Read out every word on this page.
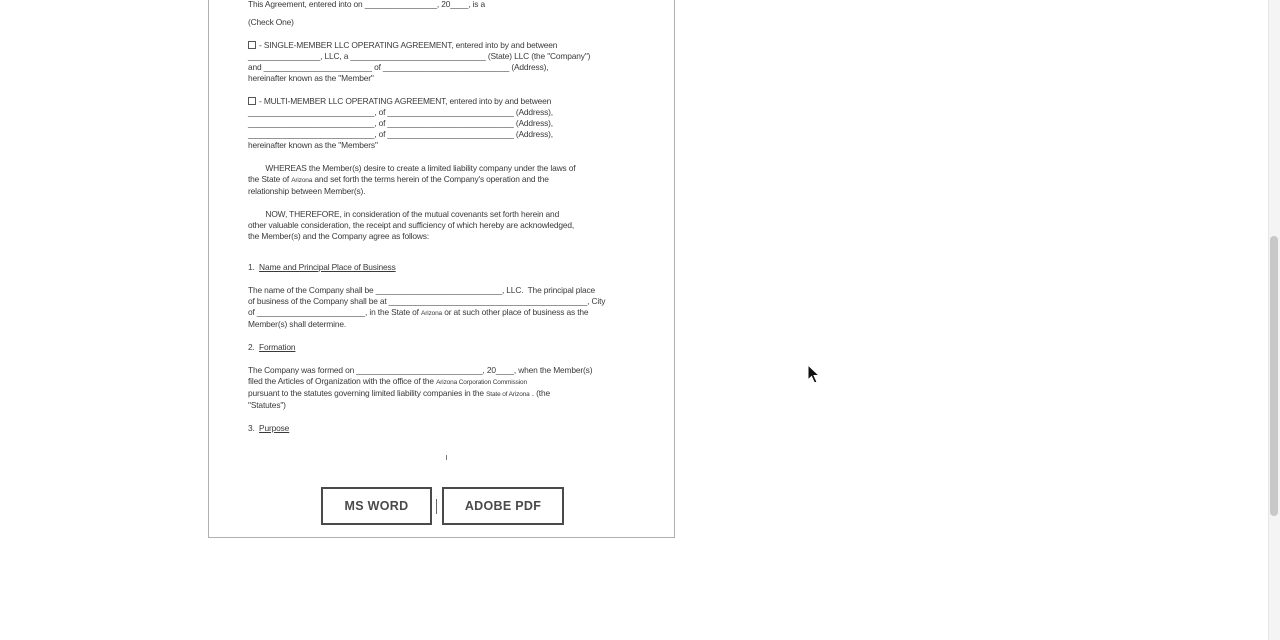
This Agreement, entered into on ________________, 20____, is a

(Check One)

- SINGLE-MEMBER LLC OPERATING AGREEMENT, entered into by and between

________________, LLC, a ______________________________ (State) LLC (the "Company")

and ________________________ of ____________________________ (Address),

hereinafter known as the "Member"

- MULTI-MEMBER LLC OPERATING AGREEMENT, entered into by and between

____________________________, of ____________________________ (Address),

____________________________, of ____________________________ (Address),

____________________________, of ____________________________ (Address),

hereinafter known as the "Members"

WHEREAS the Member(s) desire to create a limited liability company under the laws of

the State of Arizona and set forth the terms herein of the Company's operation and the

relationship between Member(s).

NOW, THEREFORE, in consideration of the mutual covenants set forth herein and

other valuable consideration, the receipt and sufficiency of which hereby are acknowledged,

the Member(s) and the Company agree as follows:

1.  Name and Principal Place of Business

The name of the Company shall be ____________________________, LLC.  The principal place

of business of the Company shall be at ____________________________________________, City

of ________________________, in the State of Arizona or at such other place of business as the

Member(s) shall determine.

2.  Formation

The Company was formed on ____________________________, 20____, when the Member(s)

filed the Articles of Organization with the office of the Arizona Corporation Commission

pursuant to the statutes governing limited liability companies in the State of Arizona . (the

"Statutes")

3.  Purpose

MS WORD	ADOBE PDF
